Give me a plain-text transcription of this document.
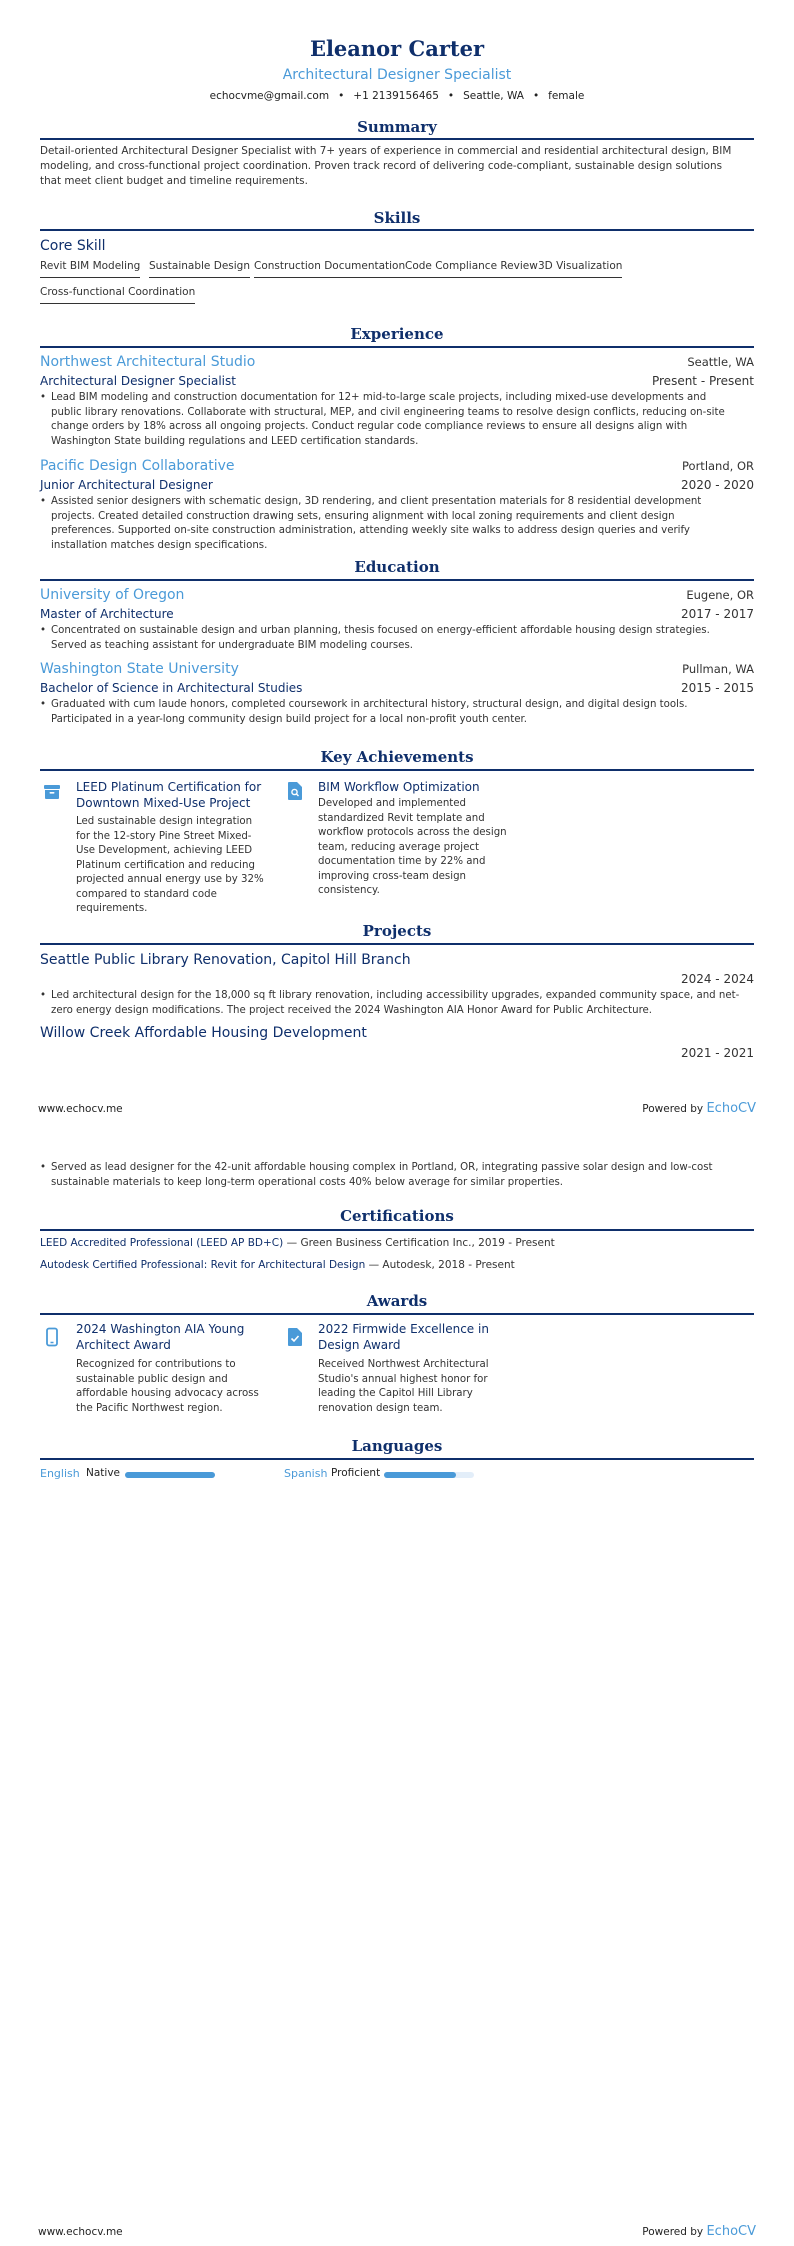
Eleanor Carter
Architectural Designer Specialist
echocvme@gmail.com • +1 2139156465 • Seattle, WA • female
Summary
Detail-oriented Architectural Designer Specialist with 7+ years of experience in commercial and residential architectural design, BIM modeling, and cross-functional project coordination. Proven track record of delivering code-compliant, sustainable design solutions that meet client budget and timeline requirements.
Skills
Core Skill
Revit BIM Modeling Sustainable Design Construction Documentation Code Compliance Review 3D Visualization
Cross-functional Coordination
Experience
Northwest Architectural Studio	Seattle, WA
Architectural Designer Specialist	Present - Present
• Lead BIM modeling and construction documentation for 12+ mid-to-large scale projects, including mixed-use developments and public library renovations. Collaborate with structural, MEP, and civil engineering teams to resolve design conflicts, reducing on-site change orders by 18% across all ongoing projects. Conduct regular code compliance reviews to ensure all designs align with Washington State building regulations and LEED certification standards.
Pacific Design Collaborative	Portland, OR
Junior Architectural Designer	2020 - 2020
• Assisted senior designers with schematic design, 3D rendering, and client presentation materials for 8 residential development projects. Created detailed construction drawing sets, ensuring alignment with local zoning requirements and client design preferences. Supported on-site construction administration, attending weekly site walks to address design queries and verify installation matches design specifications.
Education
University of Oregon	Eugene, OR
Master of Architecture	2017 - 2017
• Concentrated on sustainable design and urban planning, thesis focused on energy-efficient affordable housing design strategies. Served as teaching assistant for undergraduate BIM modeling courses.
Washington State University	Pullman, WA
Bachelor of Science in Architectural Studies	2015 - 2015
• Graduated with cum laude honors, completed coursework in architectural history, structural design, and digital design tools. Participated in a year-long community design build project for a local non-profit youth center.
Key Achievements
LEED Platinum Certification for Downtown Mixed-Use Project
Led sustainable design integration for the 12-story Pine Street Mixed-Use Development, achieving LEED Platinum certification and reducing projected annual energy use by 32% compared to standard code requirements.
BIM Workflow Optimization
Developed and implemented standardized Revit template and workflow protocols across the design team, reducing average project documentation time by 22% and improving cross-team design consistency.
Projects
Seattle Public Library Renovation, Capitol Hill Branch
2024 - 2024
• Led architectural design for the 18,000 sq ft library renovation, including accessibility upgrades, expanded community space, and net-zero energy design modifications. The project received the 2024 Washington AIA Honor Award for Public Architecture.
Willow Creek Affordable Housing Development
2021 - 2021
www.echocv.me	Powered by EchoCV
• Served as lead designer for the 42-unit affordable housing complex in Portland, OR, integrating passive solar design and low-cost sustainable materials to keep long-term operational costs 40% below average for similar properties.
Certifications
LEED Accredited Professional (LEED AP BD+C) — Green Business Certification Inc., 2019 - Present
Autodesk Certified Professional: Revit for Architectural Design — Autodesk, 2018 - Present
Awards
2024 Washington AIA Young Architect Award
Recognized for contributions to sustainable public design and affordable housing advocacy across the Pacific Northwest region.
2022 Firmwide Excellence in Design Award
Received Northwest Architectural Studio's annual highest honor for leading the Capitol Hill Library renovation design team.
Languages
English Native	Spanish Proficient
www.echocv.me	Powered by EchoCV
